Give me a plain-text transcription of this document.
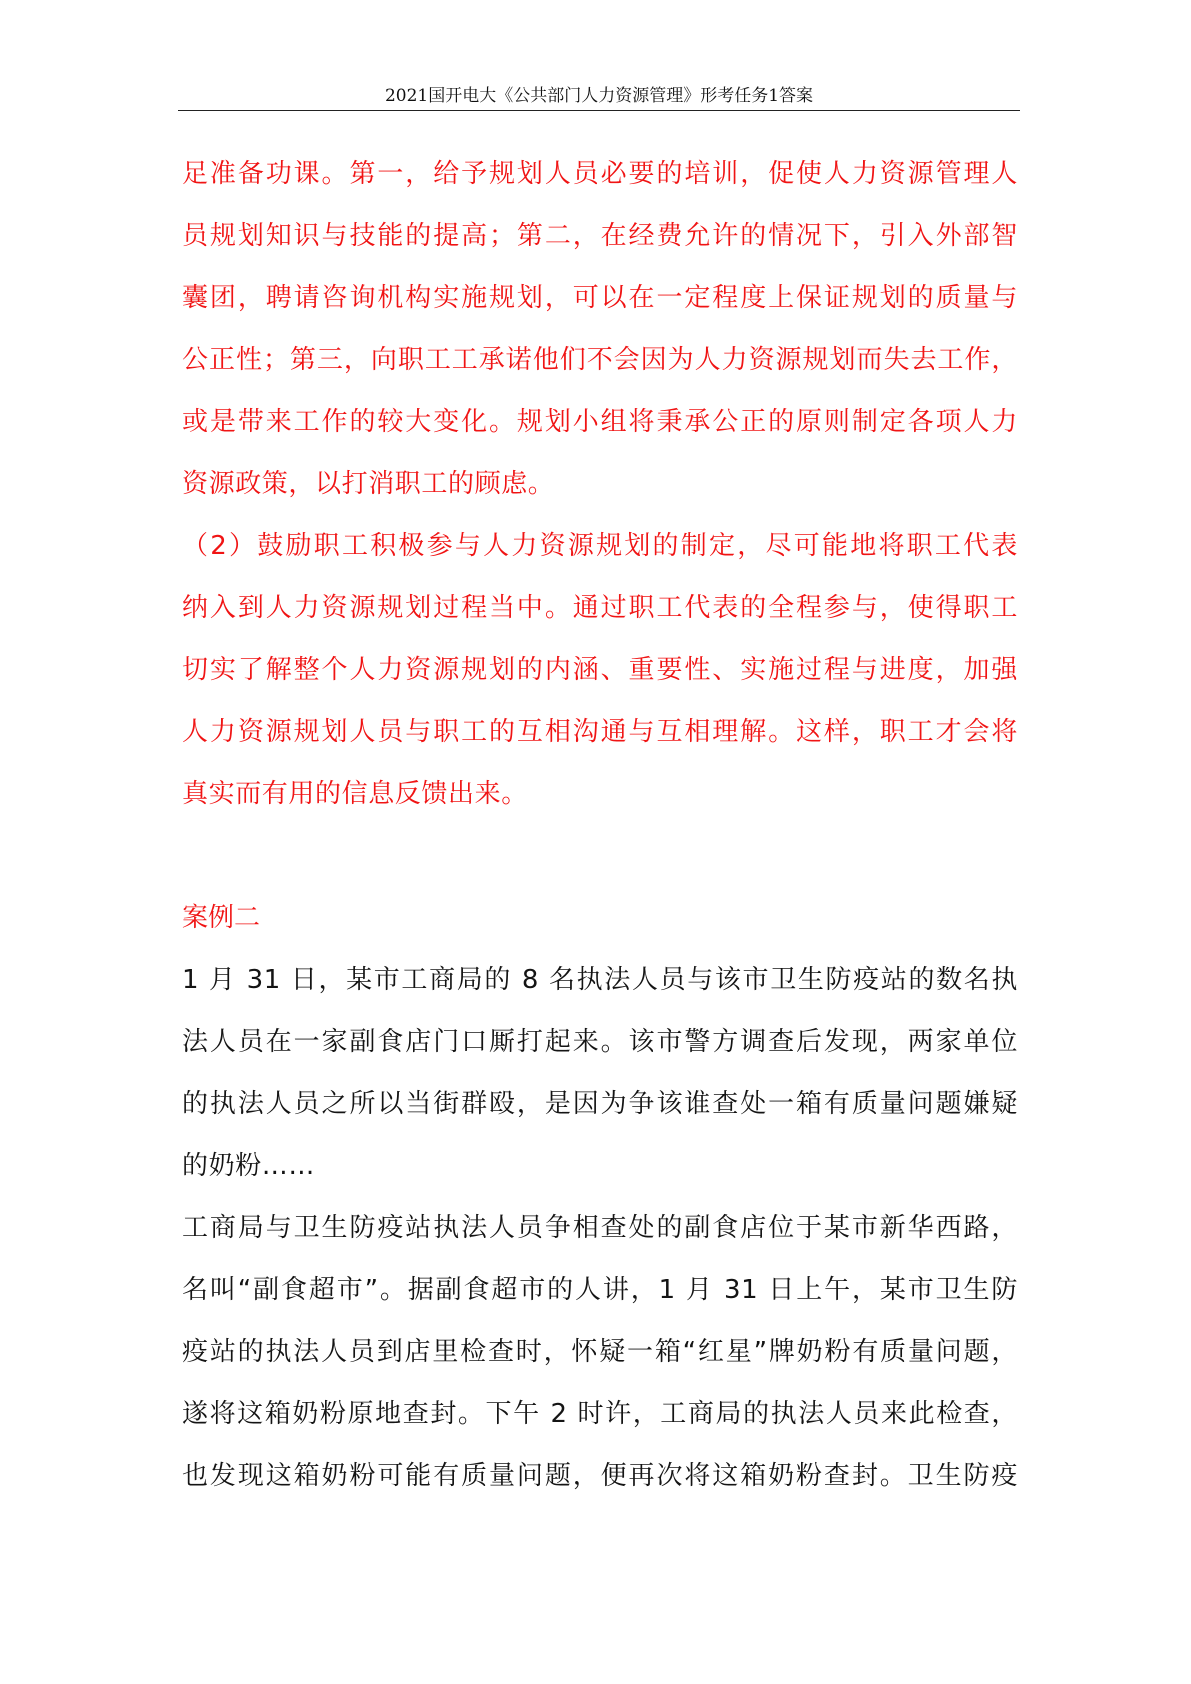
2021国开电大《公共部门人力资源管理》形考任务1答案
足准备功课。第一，给予规划人员必要的培训，促使人力资源管理人
员规划知识与技能的提高；第二，在经费允许的情况下，引入外部智
囊团，聘请咨询机构实施规划，可以在一定程度上保证规划的质量与
公正性；第三，向职工工承诺他们不会因为人力资源规划而失去工作，
或是带来工作的较大变化。规划小组将秉承公正的原则制定各项人力
资源政策，以打消职工的顾虑。
（2）鼓励职工积极参与人力资源规划的制定，尽可能地将职工代表
纳入到人力资源规划过程当中。通过职工代表的全程参与，使得职工
切实了解整个人力资源规划的内涵、重要性、实施过程与进度，加强
人力资源规划人员与职工的互相沟通与互相理解。这样，职工才会将
真实而有用的信息反馈出来。
案例二
1 月 31 日，某市工商局的 8 名执法人员与该市卫生防疫站的数名执
法人员在一家副食店门口厮打起来。该市警方调查后发现，两家单位
的执法人员之所以当街群殴，是因为争该谁查处一箱有质量问题嫌疑
的奶粉……
工商局与卫生防疫站执法人员争相查处的副食店位于某市新华西路，
名叫“副食超市”。据副食超市的人讲，1 月 31 日上午，某市卫生防
疫站的执法人员到店里检查时，怀疑一箱“红星”牌奶粉有质量问题，
遂将这箱奶粉原地查封。下午 2 时许，工商局的执法人员来此检查，
也发现这箱奶粉可能有质量问题，便再次将这箱奶粉查封。卫生防疫
